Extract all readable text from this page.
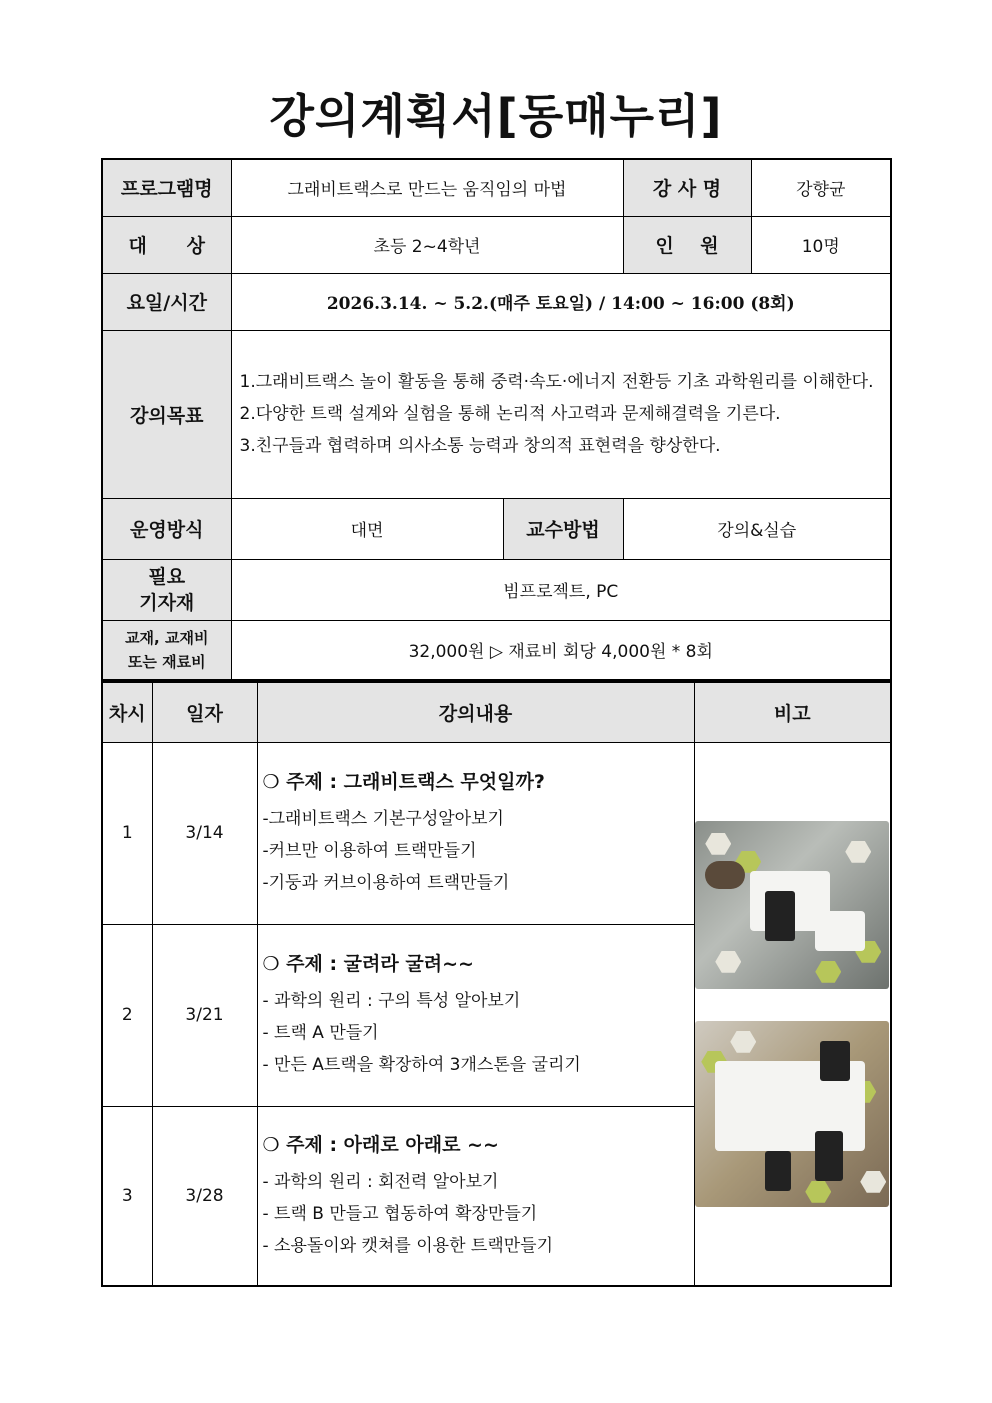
강의계획서[동매누리]
프로그램명	그래비트랙스로 만드는 움직임의 마법		강 사 명	강향균
대      상	초등 2~4학년		인    원	10명
요일/시간	2026.3.14. ~ 5.2.(매주 토요일) / 14:00 ~ 16:00 (8회)			
강의목표	1.그래비트랙스 놀이 활동을 통해 중력·속도·에너지 전환등 기초 과학원리를 이해한다.
2.다양한 트랙 설계와 실험을 통해 논리적 사고력과 문제해결력을 기른다.
3.친구들과 협력하며 의사소통 능력과 창의적 표현력을 향상한다.			

운영방식	대면	교수방법	강의&실습	

필요
기자재	빔프로젝트, PC			

교재, 교재비
또는 재료비	32,000원 ▷ 재료비 회당 4,000원 * 8회			
차시	일자	강의내용	비고
1	3/14	❍ 주제 : 그래비트랙스 무엇일까?
-그래비트랙스 기본구성알아보기
-커브만 이용하여 트랙만들기
-기둥과 커브이용하여 트랙만들기	

2	3/21	❍ 주제 : 굴려라 굴려~~
- 과학의 원리 : 구의 특성 알아보기
- 트랙 A 만들기
- 만든 A트랙을 확장하여 3개스톤을 굴리기	

3	3/28	❍ 주제 : 아래로 아래로 ~~
- 과학의 원리 : 회전력 알아보기
- 트랙 B 만들고 협동하여 확장만들기
- 소용돌이와 캣쳐를 이용한 트랙만들기	
